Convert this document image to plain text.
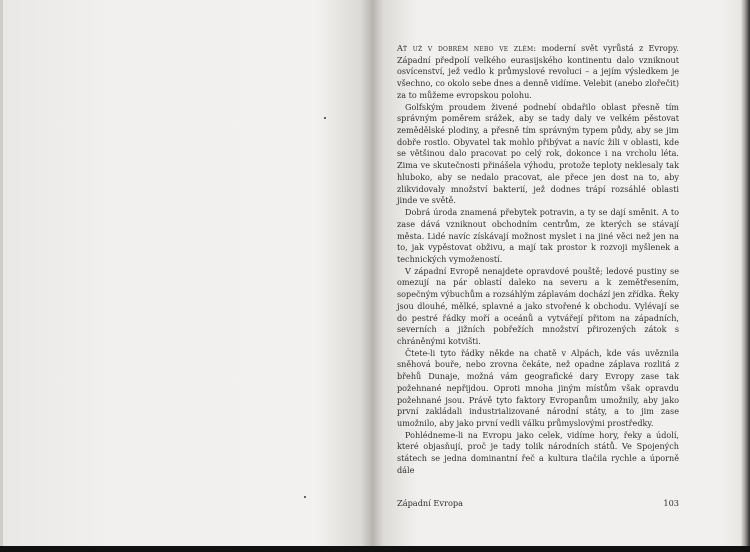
Ať už v dobrém nebo ve zlém: moderní svět vyrůstá z Evropy. Západní předpolí velkého eurasijského kontinentu dalo vzniknout osvícenství, jež vedlo k průmyslové revoluci – a jejím výsledkem je všechno, co okolo sebe dnes a denně vidíme. Velebit (anebo zlořečit) za to můžeme evropskou polohu.

Golfským proudem živené podnebí obdařilo oblast přesně tím správným poměrem srážek, aby se tady daly ve velkém pěstovat zemědělské plodiny, a přesně tím správným typem půdy, aby se jim dobře rostlo. Obyvatel tak mohlo přibývat a navíc žili v oblasti, kde se většinou dalo pracovat po celý rok, dokonce i na vrcholu léta. Zima ve skutečnosti přinášela výhodu, protože teploty neklesaly tak hluboko, aby se nedalo pracovat, ale přece jen dost na to, aby zlikvidovaly množství bakterií, jež dodnes trápí rozsáhlé oblasti jinde ve světě.

Dobrá úroda znamená přebytek potravin, a ty se dají směnit. A to zase dává vzniknout obchodním centrům, ze kterých se stávají města. Lidé navíc získávají možnost myslet i na jiné věci než jen na to, jak vypěstovat obživu, a mají tak prostor k rozvoji myšlenek a technických vymožeností.

V západní Evropě nenajdete opravdové pouště; ledové pustiny se omezují na pár oblastí daleko na severu a k zemětřesením, sopečným výbuchům a rozsáhlým záplavám dochází jen zřídka. Řeky jsou dlouhé, mělké, splavné a jako stvořené k obchodu. Vylévají se do pestré řádky moří a oceánů a vytvářejí přitom na západních, severních a jižních pobřežích množství přirozených zátok s chráněnými kotvišti.

Čtete-li tyto řádky někde na chatě v Alpách, kde vás uvěznila sněhová bouře, nebo zrovna čekáte, než opadne záplava rozlitá z břehů Dunaje, možná vám geografické dary Evropy zase tak požehnané nepřijdou. Oproti mnoha jiným místům však opravdu požehnané jsou. Právě tyto faktory Evropanům umožnily, aby jako první zakládali industrializované národní státy, a to jim zase umožnilo, aby jako první vedli válku průmyslovými prostředky.

Pohlédneme-li na Evropu jako celek, vidíme hory, řeky a údolí, které objasňují, proč je tady tolik národních států. Ve Spojených státech se jedna dominantní řeč a kultura tlačila rychle a úporně dále

Západní Evropa	103
